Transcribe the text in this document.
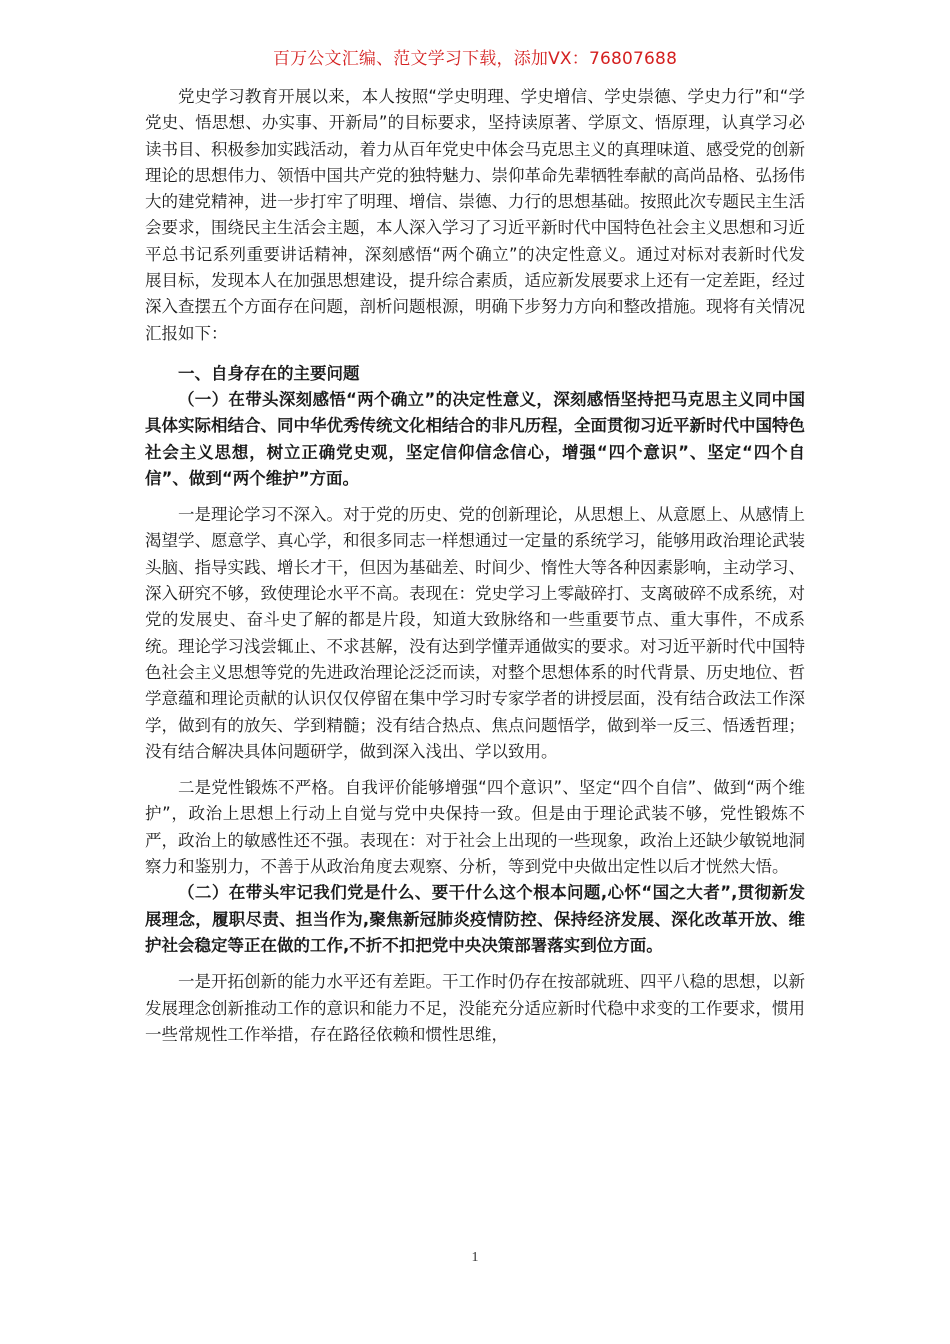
百万公文汇编、范文学习下载，添加VX：76807688

党史学习教育开展以来，本人按照“学史明理、学史增信、学史崇德、学史力行”和“学党史、悟思想、办实事、开新局”的目标要求，坚持读原著、学原文、悟原理，认真学习必读书目、积极参加实践活动，着力从百年党史中体会马克思主义的真理味道、感受党的创新理论的思想伟力、领悟中国共产党的独特魅力、崇仰革命先辈牺牲奉献的高尚品格、弘扬伟大的建党精神，进一步打牢了明理、增信、崇德、力行的思想基础。按照此次专题民主生活会要求，围绕民主生活会主题，本人深入学习了习近平新时代中国特色社会主义思想和习近平总书记系列重要讲话精神，深刻感悟“两个确立”的决定性意义。通过对标对表新时代发展目标，发现本人在加强思想建设，提升综合素质，适应新发展要求上还有一定差距，经过深入查摆五个方面存在问题，剖析问题根源，明确下步努力方向和整改措施。现将有关情况汇报如下：

一、自身存在的主要问题

（一）在带头深刻感悟“两个确立”的决定性意义，深刻感悟坚持把马克思主义同中国具体实际相结合、同中华优秀传统文化相结合的非凡历程，全面贯彻习近平新时代中国特色社会主义思想，树立正确党史观，坚定信仰信念信心，增强“四个意识”、坚定“四个自信”、做到“两个维护”方面。

一是理论学习不深入。对于党的历史、党的创新理论，从思想上、从意愿上、从感情上渴望学、愿意学、真心学，和很多同志一样想通过一定量的系统学习，能够用政治理论武装头脑、指导实践、增长才干，但因为基础差、时间少、惰性大等各种因素影响，主动学习、深入研究不够，致使理论水平不高。表现在：党史学习上零敲碎打、支离破碎不成系统，对党的发展史、奋斗史了解的都是片段，知道大致脉络和一些重要节点、重大事件，不成系统。理论学习浅尝辄止、不求甚解，没有达到学懂弄通做实的要求。对习近平新时代中国特色社会主义思想等党的先进政治理论泛泛而读，对整个思想体系的时代背景、历史地位、哲学意蕴和理论贡献的认识仅仅停留在集中学习时专家学者的讲授层面，没有结合政法工作深学，做到有的放矢、学到精髓；没有结合热点、焦点问题悟学，做到举一反三、悟透哲理；没有结合解决具体问题研学，做到深入浅出、学以致用。

二是党性锻炼不严格。自我评价能够增强“四个意识”、坚定“四个自信”、做到“两个维护”，政治上思想上行动上自觉与党中央保持一致。但是由于理论武装不够，党性锻炼不严，政治上的敏感性还不强。表现在：对于社会上出现的一些现象，政治上还缺少敏锐地洞察力和鉴别力，不善于从政治角度去观察、分析，等到党中央做出定性以后才恍然大悟。

（二）在带头牢记我们党是什么、要干什么这个根本问题,心怀“国之大者”,贯彻新发展理念，履职尽责、担当作为,聚焦新冠肺炎疫情防控、保持经济发展、深化改革开放、维护社会稳定等正在做的工作,不折不扣把党中央决策部署落实到位方面。

一是开拓创新的能力水平还有差距。干工作时仍存在按部就班、四平八稳的思想，以新发展理念创新推动工作的意识和能力不足，没能充分适应新时代稳中求变的工作要求，惯用一些常规性工作举措，存在路径依赖和惯性思维，

1
